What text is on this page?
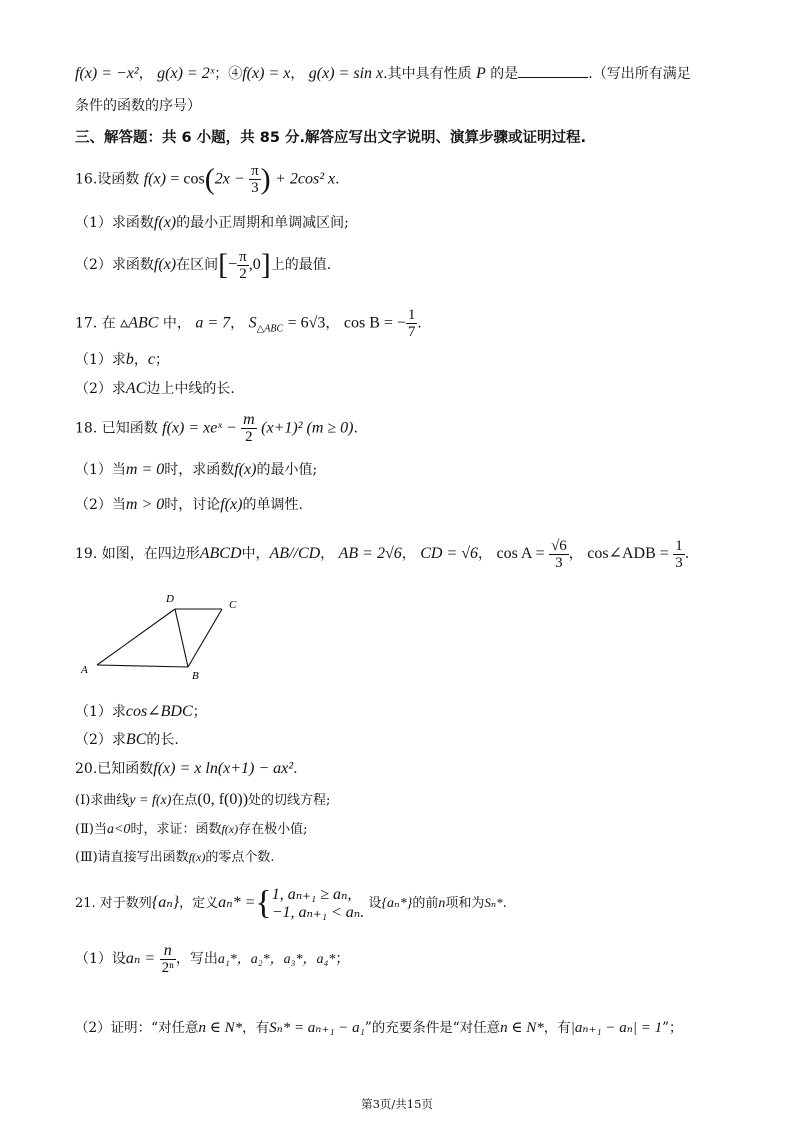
f(x) = −x²， g(x) = 2ˣ；④f(x) = x， g(x) = sin x.其中具有性质 P 的是	.（写出所有满足
条件的函数的序号）
三、解答题：共 6 小题，共 85 分.解答应写出文字说明、演算步骤或证明过程.
16.设函数 $f(x) = \cos(2x - \frac{\pi}{3}$ ) + 2cos² x.
（1）求函数f(x)的最小正周期和单调减区间;
（2）求函数f(x)在区间[− $\frac{\pi}{2} ,0$]上的最值.
17. 在 ▵ABC 中， a = 7， $S_{\triangle ABC} = 6√3$， cos B = − $\frac{1}{7}$ .
（1）求b，c；
（2）求AC边上中线的长.
18. 已知函数 f(x) = xeˣ − $\frac{m}{2} (x+1)^2$ (m ≥ 0).
（1）当m = 0时，求函数f(x)的最小值;
（2）当m > 0时，讨论f(x)的单调性.
19. 如图，在四边形ABCD中，AB//CD， AB = 2√6， CD = √6， $\cos A = \frac{√6}{3}$ ， cos∠ADB = $\frac{1}{3}$ .
A	B
C
D
（1）求cos∠BDC；
（2）求BC的长.
20.已知函数f(x) = x ln(x+1) − ax².
(Ⅰ)求曲线y = f(x)在点(0, f(0))处的切线方程;
(Ⅱ)当a<0时，求证：函数f(x)存在极小值;
(Ⅲ)请直接写出函数f(x)的零点个数.
21. 对于数列{aₙ}，定义aₙ* ={ 1, aₙ₊₁ ≥ aₙ,
−1, aₙ₊₁ < aₙ. 设{aₙ*}的前n项和为Sₙ*.
（1）设$a_n = \frac{n}{\text{2ⁿ}}$ ，写出a₁*，a₂*，a₃*，a₄*；
（2）证明：“对任意n ∈ N*，有Sₙ* = aₙ₊₁ − a₁”的充要条件是“对任意n ∈ N*，有|aₙ₊₁ − aₙ| = 1”；
第3页/共15页
